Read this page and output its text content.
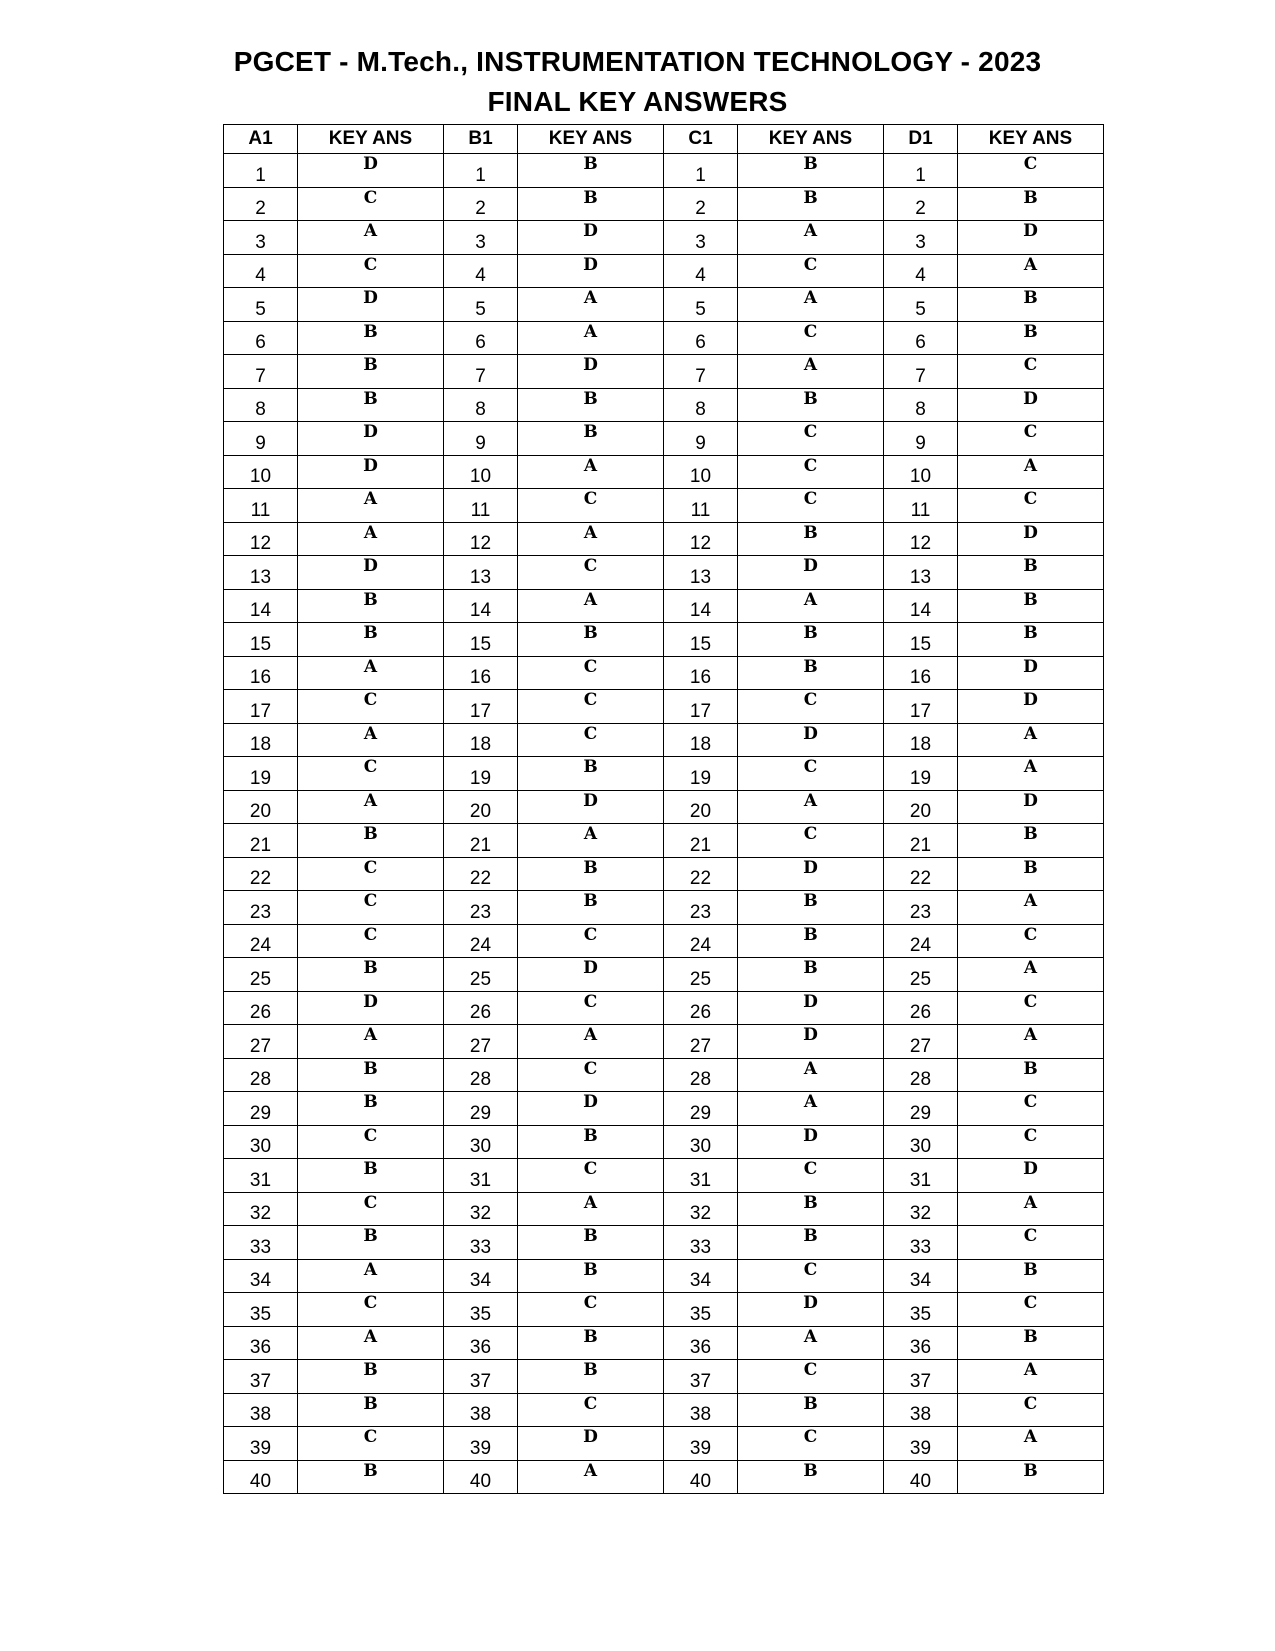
PGCET - M.Tech., INSTRUMENTATION TECHNOLOGY - 2023
FINAL KEY ANSWERS
A1	KEY ANS	B1	KEY ANS	C1	KEY ANS	D1	KEY ANS
1	D	1	B	1	B	1	C
2	C	2	B	2	B	2	B
3	A	3	D	3	A	3	D
4	C	4	D	4	C	4	A
5	D	5	A	5	A	5	B
6	B	6	A	6	C	6	B
7	B	7	D	7	A	7	C
8	B	8	B	8	B	8	D
9	D	9	B	9	C	9	C
10	D	10	A	10	C	10	A
11	A	11	C	11	C	11	C
12	A	12	A	12	B	12	D
13	D	13	C	13	D	13	B
14	B	14	A	14	A	14	B
15	B	15	B	15	B	15	B
16	A	16	C	16	B	16	D
17	C	17	C	17	C	17	D
18	A	18	C	18	D	18	A
19	C	19	B	19	C	19	A
20	A	20	D	20	A	20	D
21	B	21	A	21	C	21	B
22	C	22	B	22	D	22	B
23	C	23	B	23	B	23	A
24	C	24	C	24	B	24	C
25	B	25	D	25	B	25	A
26	D	26	C	26	D	26	C
27	A	27	A	27	D	27	A
28	B	28	C	28	A	28	B
29	B	29	D	29	A	29	C
30	C	30	B	30	D	30	C
31	B	31	C	31	C	31	D
32	C	32	A	32	B	32	A
33	B	33	B	33	B	33	C
34	A	34	B	34	C	34	B
35	C	35	C	35	D	35	C
36	A	36	B	36	A	36	B
37	B	37	B	37	C	37	A
38	B	38	C	38	B	38	C
39	C	39	D	39	C	39	A
40	B	40	A	40	B	40	B
